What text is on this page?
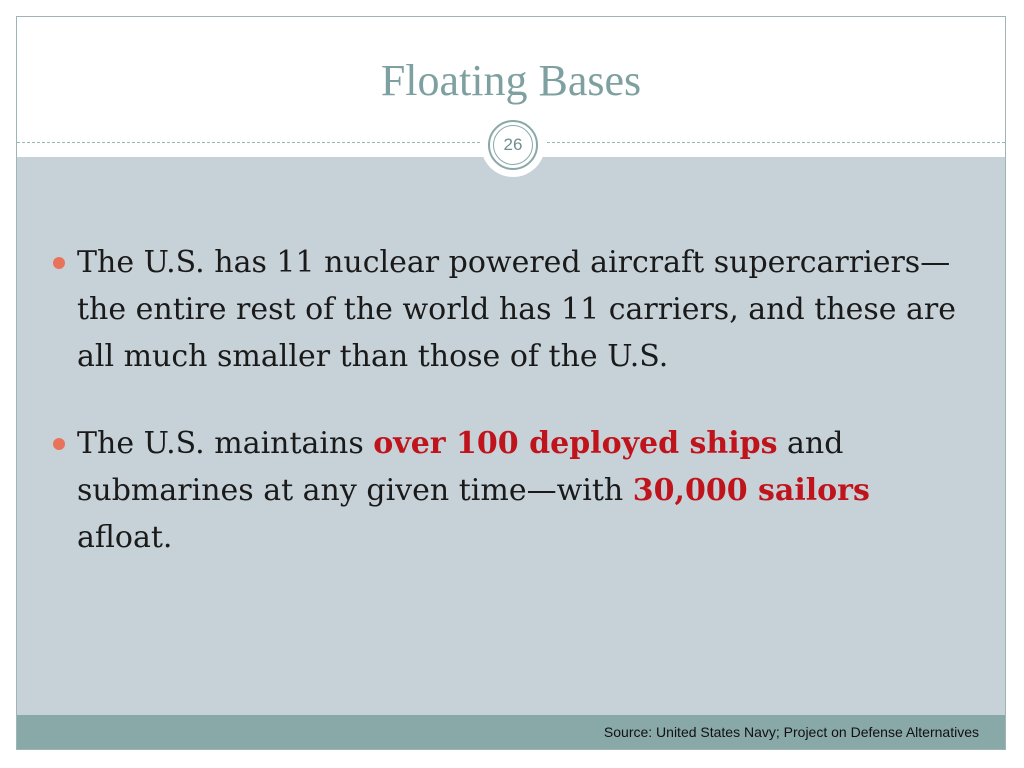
Floating Bases
The U.S. has 11 nuclear powered aircraft supercarriers—the entire rest of the world has 11 carriers, and these are all much smaller than those of the U.S.
The U.S. maintains over 100 deployed ships and submarines at any given time—with 30,000 sailors afloat.
26
Source: United States Navy; Project on Defense Alternatives
